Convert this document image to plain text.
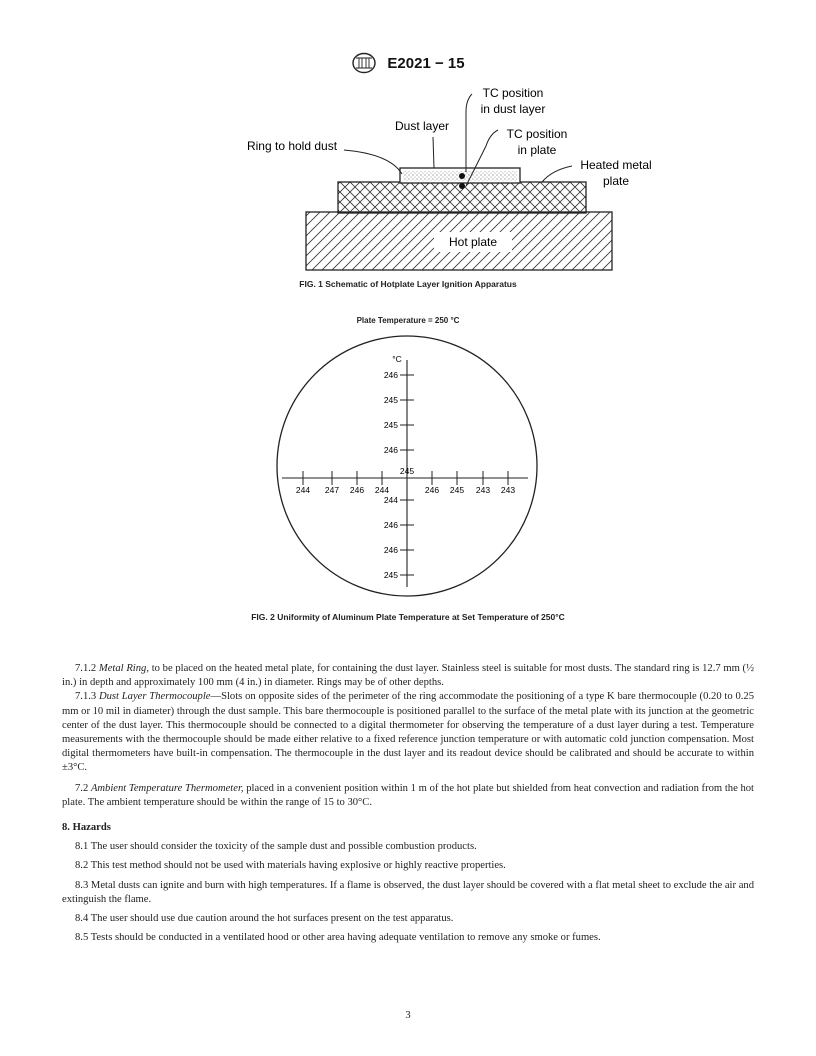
E2021 − 15
Hot plate
TC position
in dust layer
Dust layer
TC position
in plate
Ring to hold dust
Heated metal
plate
FIG. 1 Schematic of Hotplate Layer Ignition Apparatus
Plate Temperature = 250 °C
°C
246
245
245
246
244
246
246
245
244 247 246 244	246 245 243 243
245
FIG. 2 Uniformity of Aluminum Plate Temperature at Set Temperature of 250°C

7.1.2 Metal Ring, to be placed on the heated metal plate, for containing the dust layer. Stainless steel is suitable for most dusts. The standard ring is 12.7 mm (½ in.) in depth and approximately 100 mm (4 in.) in diameter. Rings may be of other depths.

7.1.3 Dust Layer Thermocouple—Slots on opposite sides of the perimeter of the ring accommodate the positioning of a type K bare thermocouple (0.20 to 0.25 mm or 10 mil in diameter) through the dust sample. This bare thermocouple is positioned parallel to the surface of the metal plate with its junction at the geometric center of the dust layer. This thermocouple should be connected to a digital thermometer for observing the temperature of a dust layer during a test. Temperature measurements with the thermocouple should be made either relative to a fixed reference junction temperature or with automatic cold junction compensation. Most digital thermometers have built-in compensation. The thermocouple in the dust layer and its readout device should be calibrated and should be accurate to within ±3°C.

7.2 Ambient Temperature Thermometer, placed in a convenient position within 1 m of the hot plate but shielded from heat convection and radiation from the hot plate. The ambient temperature should be within the range of 15 to 30°C.

8. Hazards

8.1 The user should consider the toxicity of the sample dust and possible combustion products.

8.2 This test method should not be used with materials having explosive or highly reactive properties.

8.3 Metal dusts can ignite and burn with high temperatures. If a flame is observed, the dust layer should be covered with a flat metal sheet to exclude the air and extinguish the flame.

8.4 The user should use due caution around the hot surfaces present on the test apparatus.

8.5 Tests should be conducted in a ventilated hood or other area having adequate ventilation to remove any smoke or fumes.

3
